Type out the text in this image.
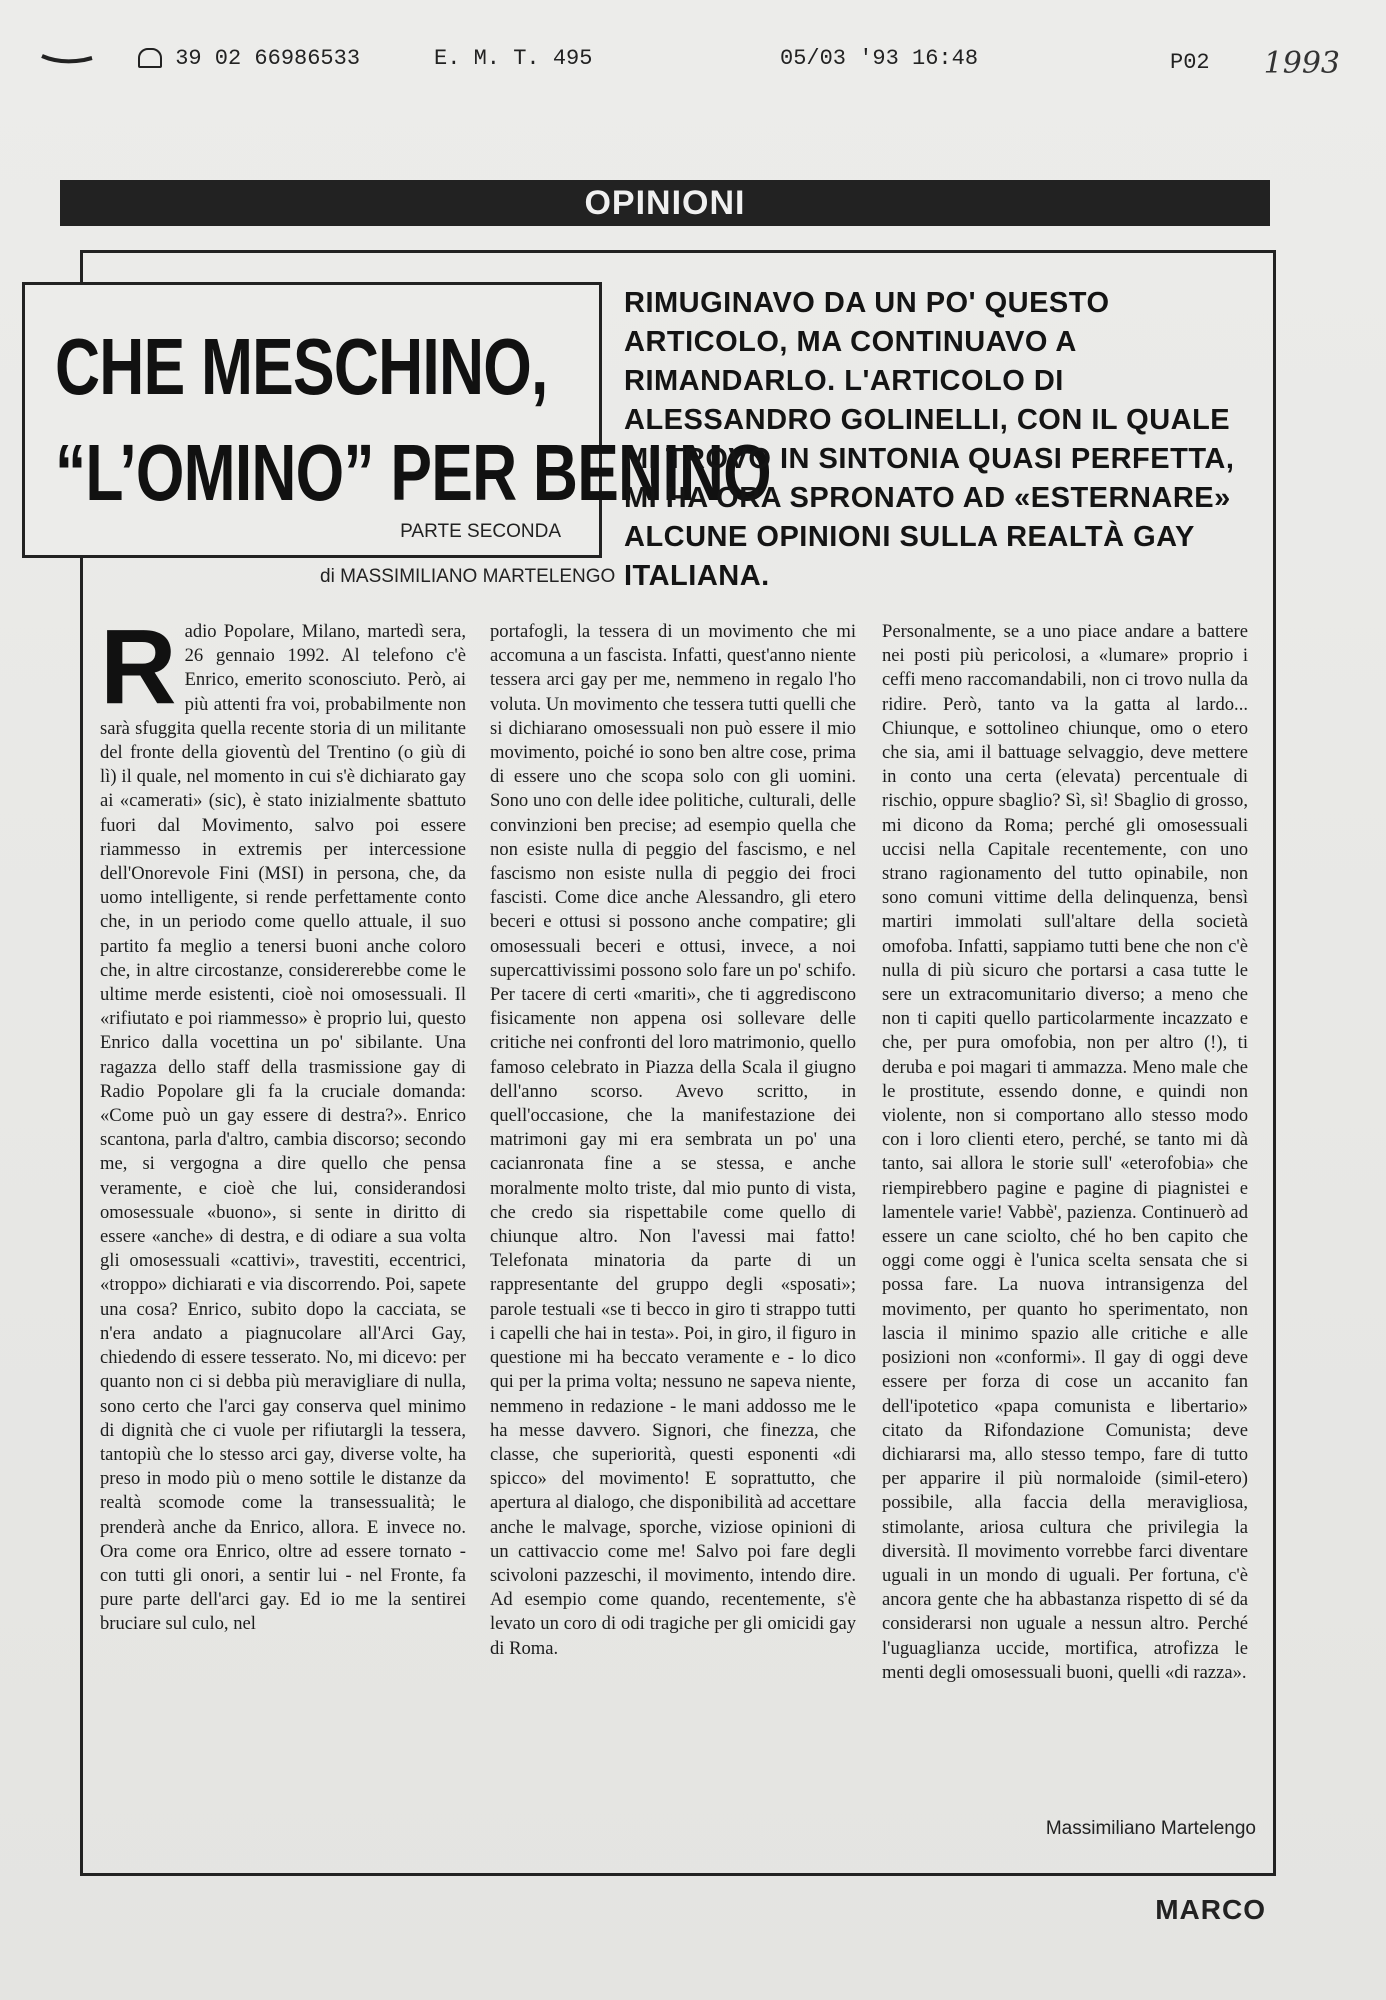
39 02 66986533	E. M. T. 495	05/03 '93 16:48	P02 1993
OPINIONI
CHE MESCHINO,
“L’OMINO” PER BENINO
PARTE SECONDA
di MASSIMILIANO MARTELENGO
RIMUGINAVO DA UN PO' QUESTO ARTICOLO, MA CONTINUAVO A RIMANDARLO. L'ARTICOLO DI ALESSANDRO GOLINELLI, CON IL QUALE MI TROVO IN SINTONIA QUASI PERFETTA, MI HA ORA SPRONATO AD «ESTERNARE» ALCUNE OPINIONI SULLA REALTÀ GAY ITALIANA.
R adio Popolare, Milano, martedì sera, 26 gennaio 1992. Al telefono c'è Enrico, emerito sconosciuto. Però, ai più attenti fra voi, probabilmente non sarà sfuggita quella recente storia di un militante del fronte della gioventù del Trentino (o giù di lì) il quale, nel momento in cui s'è dichiarato gay ai «camerati» (sic), è stato inizialmente sbattuto fuori dal Movimento, salvo poi essere riammesso in extremis per intercessione dell'Onorevole Fini (MSI) in persona, che, da uomo intelligente, si rende perfettamente conto che, in un periodo come quello attuale, il suo partito fa meglio a tenersi buoni anche coloro che, in altre circostanze, considererebbe come le ultime merde esistenti, cioè noi omosessuali. Il «rifiutato e poi riammesso» è proprio lui, questo Enrico dalla vocettina un po' sibilante. Una ragazza dello staff della trasmissione gay di Radio Popolare gli fa la cruciale domanda: «Come può un gay essere di destra?». Enrico scantona, parla d'altro, cambia discorso; secondo me, si vergogna a dire quello che pensa veramente, e cioè che lui, considerandosi omosessuale «buono», si sente in diritto di essere «anche» di destra, e di odiare a sua volta gli omosessuali «cattivi», travestiti, eccentrici, «troppo» dichiarati e via discorrendo. Poi, sapete una cosa? Enrico, subito dopo la cacciata, se n'era andato a piagnucolare all'Arci Gay, chiedendo di essere tesserato. No, mi dicevo: per quanto non ci si debba più meravigliare di nulla, sono certo che l'arci gay conserva quel minimo di dignità che ci vuole per rifiutargli la tessera, tantopiù che lo stesso arci gay, diverse volte, ha preso in modo più o meno sottile le distanze da realtà scomode come la transessualità; le prenderà anche da Enrico, allora. E invece no. Ora come ora Enrico, oltre ad essere tornato - con tutti gli onori, a sentir lui - nel Fronte, fa pure parte dell'arci gay. Ed io me la sentirei bruciare sul culo, nel

portafogli, la tessera di un movimento che mi accomuna a un fascista. Infatti, quest'anno niente tessera arci gay per me, nemmeno in regalo l'ho voluta. Un movimento che tessera tutti quelli che si dichiarano omosessuali non può essere il mio movimento, poiché io sono ben altre cose, prima di essere uno che scopa solo con gli uomini. Sono uno con delle idee politiche, culturali, delle convinzioni ben precise; ad esempio quella che non esiste nulla di peggio del fascismo, e nel fascismo non esiste nulla di peggio dei froci fascisti. Come dice anche Alessandro, gli etero beceri e ottusi si possono anche compatire; gli omosessuali beceri e ottusi, invece, a noi supercattivissimi possono solo fare un po' schifo. Per tacere di certi «mariti», che ti aggrediscono fisicamente non appena osi sollevare delle critiche nei confronti del loro matrimonio, quello famoso celebrato in Piazza della Scala il giugno dell'anno scorso. Avevo scritto, in quell'occasione, che la manifestazione dei matrimoni gay mi era sembrata un po' una cacianronata fine a se stessa, e anche moralmente molto triste, dal mio punto di vista, che credo sia rispettabile come quello di chiunque altro. Non l'avessi mai fatto! Telefonata minatoria da parte di un rappresentante del gruppo degli «sposati»; parole testuali «se ti becco in giro ti strappo tutti i capelli che hai in testa». Poi, in giro, il figuro in questione mi ha beccato veramente e - lo dico qui per la prima volta; nessuno ne sapeva niente, nemmeno in redazione - le mani addosso me le ha messe davvero. Signori, che finezza, che classe, che superiorità, questi esponenti «di spicco» del movimento! E soprattutto, che apertura al dialogo, che disponibilità ad accettare anche le malvage, sporche, viziose opinioni di un cattivaccio come me! Salvo poi fare degli scivoloni pazzeschi, il movimento, intendo dire. Ad esempio come quando, recentemente, s'è levato un coro di odi tragiche per gli omicidi gay di Roma.

Personalmente, se a uno piace andare a battere nei posti più pericolosi, a «lumare» proprio i ceffi meno raccomandabili, non ci trovo nulla da ridire. Però, tanto va la gatta al lardo... Chiunque, e sottolineo chiunque, omo o etero che sia, ami il battuage selvaggio, deve mettere in conto una certa (elevata) percentuale di rischio, oppure sbaglio? Sì, sì! Sbaglio di grosso, mi dicono da Roma; perché gli omosessuali uccisi nella Capitale recentemente, con uno strano ragionamento del tutto opinabile, non sono comuni vittime della delinquenza, bensì martiri immolati sull'altare della società omofoba. Infatti, sappiamo tutti bene che non c'è nulla di più sicuro che portarsi a casa tutte le sere un extracomunitario diverso; a meno che non ti capiti quello particolarmente incazzato e che, per pura omofobia, non per altro (!), ti deruba e poi magari ti ammazza. Meno male che le prostitute, essendo donne, e quindi non violente, non si comportano allo stesso modo con i loro clienti etero, perché, se tanto mi dà tanto, sai allora le storie sull' «eterofobia» che riempirebbero pagine e pagine di piagnistei e lamentele varie! Vabbè', pazienza. Continuerò ad essere un cane sciolto, ché ho ben capito che oggi come oggi è l'unica scelta sensata che si possa fare. La nuova intransigenza del movimento, per quanto ho sperimentato, non lascia il minimo spazio alle critiche e alle posizioni non «conformi». Il gay di oggi deve essere per forza di cose un accanito fan dell'ipotetico «papa comunista e libertario» citato da Rifondazione Comunista; deve dichiararsi ma, allo stesso tempo, fare di tutto per apparire il più normaloide (simil-etero) possibile, alla faccia della meravigliosa, stimolante, ariosa cultura che privilegia la diversità. Il movimento vorrebbe farci diventare uguali in un mondo di uguali. Per fortuna, c'è ancora gente che ha abbastanza rispetto di sé da considerarsi non uguale a nessun altro. Perché l'uguaglianza uccide, mortifica, atrofizza le menti degli omosessuali buoni, quelli «di razza».

Massimiliano Martelengo
MARCO
